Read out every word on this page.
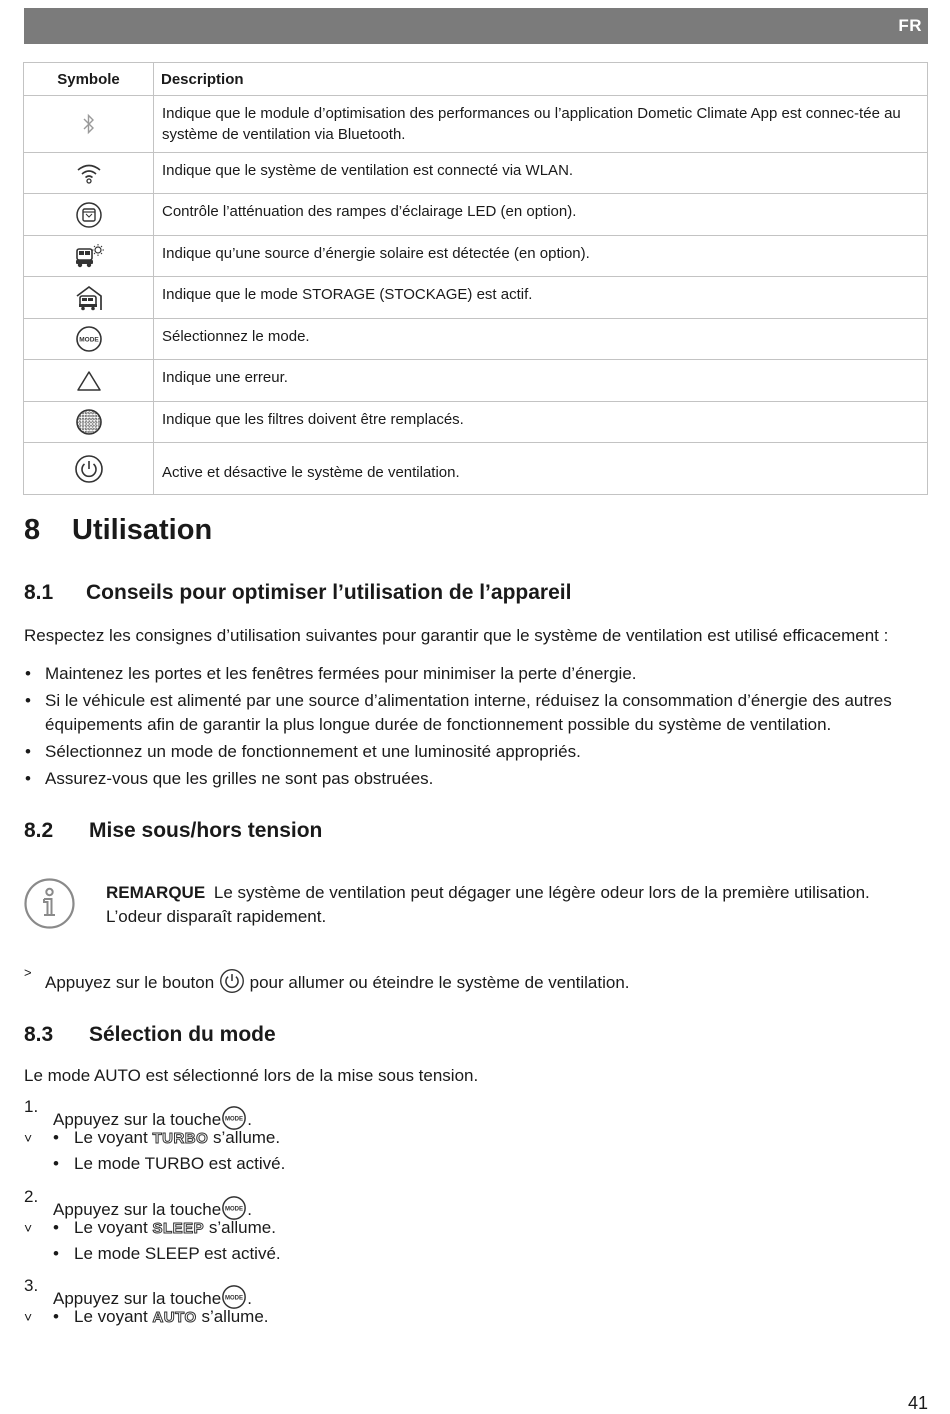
FR
Symbole	Description

	Indique que le module d’optimisation des performances ou l’application Dometic Climate App est connec-tée au système de ventilation via Bluetooth.

	Indique que le système de ventilation est connecté via WLAN.

	Contrôle l’atténuation des rampes d’éclairage LED (en option).

	Indique qu’une source d’énergie solaire est détectée (en option).

	Indique que le mode STORAGE (STOCKAGE) est actif.

MODE	Sélectionnez le mode.

	Indique une erreur.

	Indique que les filtres doivent être remplacés.

	Active et désactive le système de ventilation.
8 Utilisation
8.1 Conseils pour optimiser l’utilisation de l’appareil
Respectez les consignes d’utilisation suivantes pour garantir que le système de ventilation est utilisé efficacement :
• Maintenez les portes et les fenêtres fermées pour minimiser la perte d’énergie.
• Si le véhicule est alimenté par une source d’alimentation interne, réduisez la consommation d’énergie des autres équipements afin de garantir la plus longue durée de fonctionnement possible du système de ventilation.
• Sélectionnez un mode de fonctionnement et une luminosité appropriés.
• Assurez-vous que les grilles ne sont pas obstruées.
8.2 Mise sous/hors tension
REMARQUE Le système de ventilation peut dégager une légère odeur lors de la première utilisation. L’odeur disparaît rapidement.
˃
Appuyez sur le bouton pour allumer ou éteindre le système de ventilation.
8.3 Sélection du mode
Le mode AUTO est sélectionné lors de la mise sous tension.
1.
Appuyez sur la touche MODE .
˅ • Le voyant TURBO s’allume.
• Le mode TURBO est activé.
2.
Appuyez sur la touche MODE .
˅ • Le voyant SLEEP s’allume.
• Le mode SLEEP est activé.
3.
Appuyez sur la touche MODE .
˅ • Le voyant AUTO s’allume.
41
